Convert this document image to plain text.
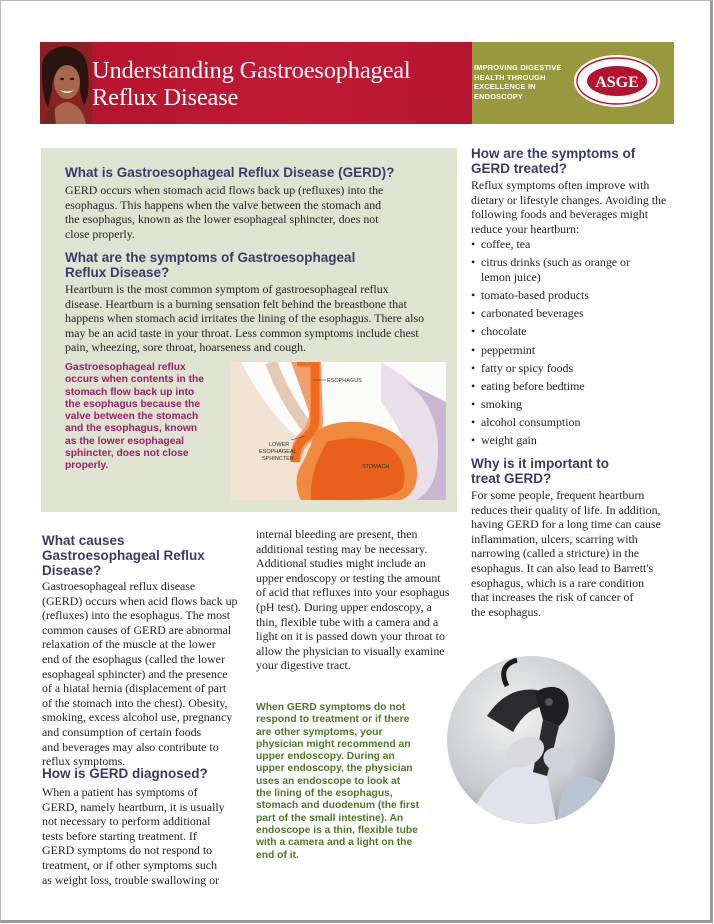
Understanding Gastroesophageal
Reflux Disease
IMPROVING DIGESTIVE HEALTH THROUGH EXCELLENCE IN ENDOSCOPY
ASGE
What is Gastroesophageal Reflux Disease (GERD)?

GERD occurs when stomach acid flows back up (refluxes) into the

esophagus. This happens when the valve between the stomach and

the esophagus, known as the lower esophageal sphincter, does not

close properly.

What are the symptoms of Gastroesophageal
Reflux Disease?

Heartburn is the most common symptom of gastroesophageal reflux

disease. Heartburn is a burning sensation felt behind the breastbone that

happens when stomach acid irritates the lining of the esophagus. There also

may be an acid taste in your throat. Less common symptoms include chest

pain, wheezing, sore throat, hoarseness and cough.

Gastroesophageal reflux
occurs when contents in the
stomach flow back up into
the esophagus because the
valve between the stomach
and the esophagus, known
as the lower esophageal
sphincter, does not close
properly.
ESOPHAGUS
LOWER
ESOPHAGEAL
SPHINCTER
STOMACH
What causes
Gastroesophageal Reflux
Disease?

Gastroesophageal reflux disease

(GERD) occurs when acid flows back up

(refluxes) into the esophagus. The most

common causes of GERD are abnormal

relaxation of the muscle at the lower

end of the esophagus (called the lower

esophageal sphincter) and the presence

of a hiatal hernia (displacement of part

of the stomach into the chest). Obesity,

smoking, excess alcohol use, pregnancy

and consumption of certain foods

and beverages may also contribute to

reflux symptoms.

How is GERD diagnosed?

When a patient has symptoms of

GERD, namely heartburn, it is usually

not necessary to perform additional

tests before starting treatment. If

GERD symptoms do not respond to

treatment, or if other symptoms such

as weight loss, trouble swallowing or

internal bleeding are present, then

additional testing may be necessary.

Additional studies might include an

upper endoscopy or testing the amount

of acid that refluxes into your esophagus

(pH test). During upper endoscopy, a

thin, flexible tube with a camera and a

light on it is passed down your throat to

allow the physician to visually examine

your digestive tract.

When GERD symptoms do not
respond to treatment or if there
are other symptoms, your
physician might recommend an
upper endoscopy. During an
upper endoscopy, the physician
uses an endoscope to look at
the lining of the esophagus,
stomach and duodenum (the first
part of the small intestine). An
endoscope is a thin, flexible tube
with a camera and a light on the
end of it.
How are the symptoms of
GERD treated?

Reflux symptoms often improve with

dietary or lifestyle changes. Avoiding the

following foods and beverages might

reduce your heartburn:

• coffee, tea
• citrus drinks (such as orange or
lemon juice)
• tomato-based products
• carbonated beverages
• chocolate
• peppermint
• fatty or spicy foods
• eating before bedtime
• smoking
• alcohol consumption
• weight gain
Why is it important to
treat GERD?

For some people, frequent heartburn

reduces their quality of life. In addition,

having GERD for a long time can cause

inflammation, ulcers, scarring with

narrowing (called a stricture) in the

esophagus. It can also lead to Barrett's

esophagus, which is a rare condition

that increases the risk of cancer of

the esophagus.
